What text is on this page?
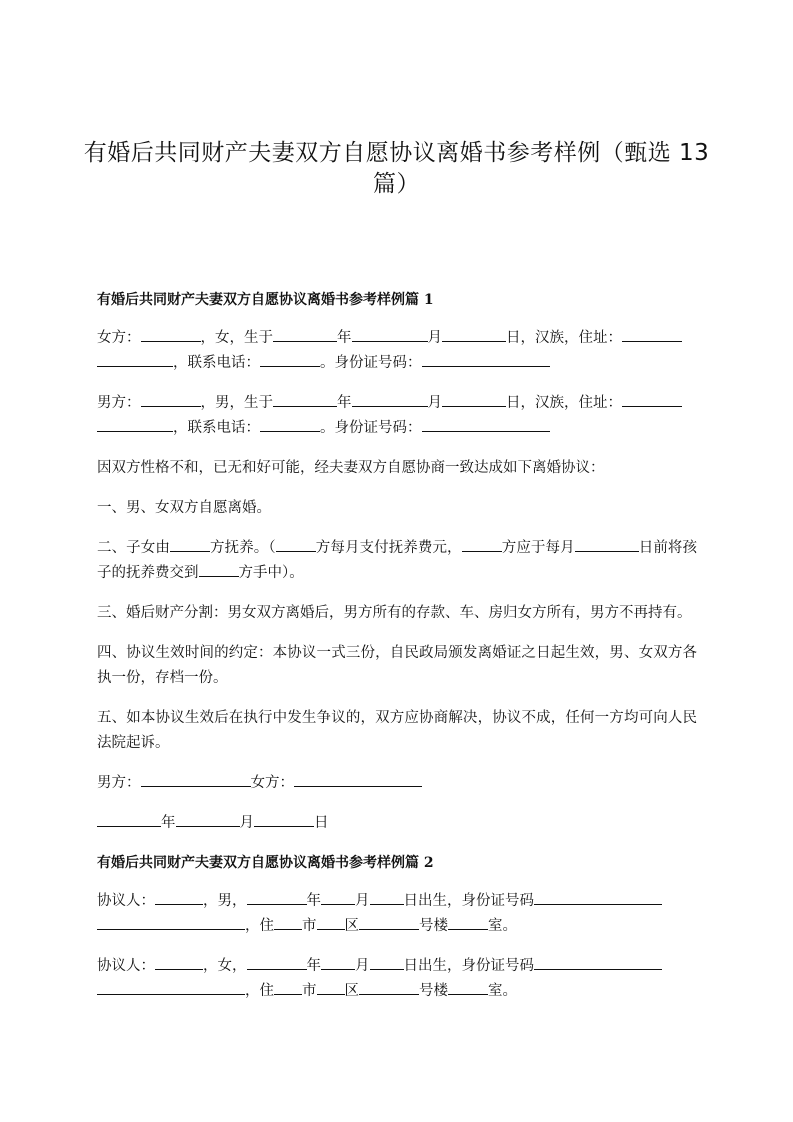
有婚后共同财产夫妻双方自愿协议离婚书参考样例（甄选 13 篇）
有婚后共同财产夫妻双方自愿协议离婚书参考样例篇 1
女方：	，女，生于	年	月	日，汉族，住址：
，联系电话：	。身份证号码：
男方：	，男，生于	年	月	日，汉族，住址：
，联系电话：	。身份证号码：
因双方性格不和，已无和好可能，经夫妻双方自愿协商一致达成如下离婚协议：
一、男、女双方自愿离婚。
二、子女由	方抚养。（	方每月支付抚养费元，	方应于每月	日前将孩子的抚养费交到	方手中）。
三、婚后财产分割：男女双方离婚后，男方所有的存款、车、房归女方所有，男方不再持有。
四、协议生效时间的约定：本协议一式三份，自民政局颁发离婚证之日起生效，男、女双方各执一份，存档一份。
五、如本协议生效后在执行中发生争议的，双方应协商解决，协议不成，任何一方均可向人民法院起诉。
男方：	女方：
年	月	日
有婚后共同财产夫妻双方自愿协议离婚书参考样例篇 2
协议人：	，男，	年 月 日出生，身份证号码
，住 市 区	号楼	室。
协议人：	，女，	年 月 日出生，身份证号码
，住 市 区	号楼	室。
